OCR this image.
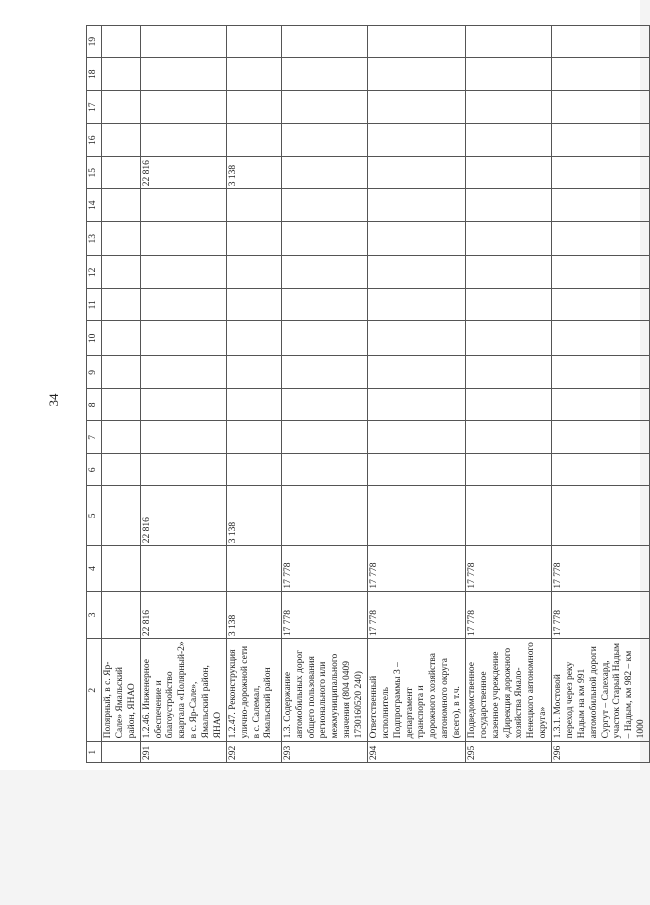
34
1	2	3	4	5	6	7	8	9	10	11	12	13	14	15	16	17	18	19
	Полярный, в с. Яр-Сале» Ямальский район, ЯНАО																	
291	1.2.46. Инженерное обеспечение и благоустройство квартала «Полярный-2» в с. Яр-Сале», Ямальский район, ЯНАО	22 816		22 816										22 816				
292	1.2.47. Реконструкция улично-дорожной сети в с. Салемал, Ямальский район	3 138		3 138										3 138				
293	1.3. Содержание автомобильных дорог общего пользования регионального или межмуниципального значения (804 0409 1730160520 240)	17 778	17 778															
294	Ответственный исполнитель Подпрограммы 3 – департамент транспорта и дорожного хозяйства автономного округа (всего), в т.ч.	17 778	17 778															
295	Подведомственное государственное казенное учреждение «Дирекция дорожного хозяйства Ямало-Ненецкого автономного округа»	17 778	17 778															
296	1.3.1. Мостовой переход через реку Надым на км 991 автомобильной дороги Сургут – Салехард, участок Старый Надым – Надым, км 982 – км 1000	17 778	17 778															
